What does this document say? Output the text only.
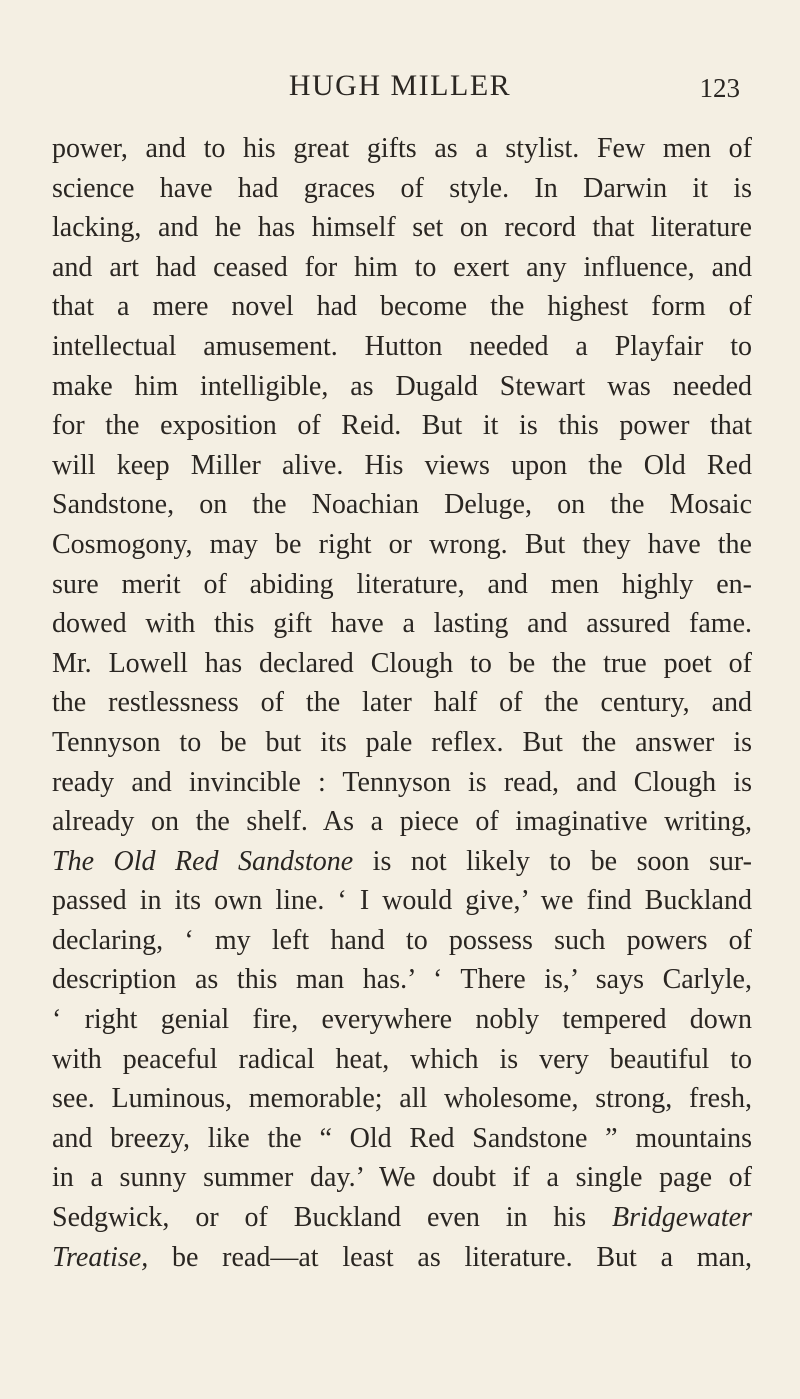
HUGH MILLER	123
power, and to his great gifts as a stylist. Few men of
science have had graces of style. In Darwin it is
lacking, and he has himself set on record that literature
and art had ceased for him to exert any influence, and
that a mere novel had become the highest form of
intellectual amusement. Hutton needed a Playfair to
make him intelligible, as Dugald Stewart was needed
for the exposition of Reid. But it is this power that
will keep Miller alive. His views upon the Old Red
Sandstone, on the Noachian Deluge, on the Mosaic
Cosmogony, may be right or wrong. But they have the
sure merit of abiding literature, and men highly en-
dowed with this gift have a lasting and assured fame.
Mr. Lowell has declared Clough to be the true poet of
the restlessness of the later half of the century, and
Tennyson to be but its pale reflex. But the answer is
ready and invincible : Tennyson is read, and Clough is
already on the shelf. As a piece of imaginative writing,
The Old Red Sandstone is not likely to be soon sur-
passed in its own line. ‘ I would give,’ we find Buckland
declaring, ‘ my left hand to possess such powers of
description as this man has.’ ‘ There is,’ says Carlyle,
‘ right genial fire, everywhere nobly tempered down
with peaceful radical heat, which is very beautiful to
see. Luminous, memorable; all wholesome, strong, fresh,
and breezy, like the “ Old Red Sandstone ” mountains
in a sunny summer day.’ We doubt if a single page of
Sedgwick, or of Buckland even in his Bridgewater
Treatise, be read—at least as literature. But a man,
